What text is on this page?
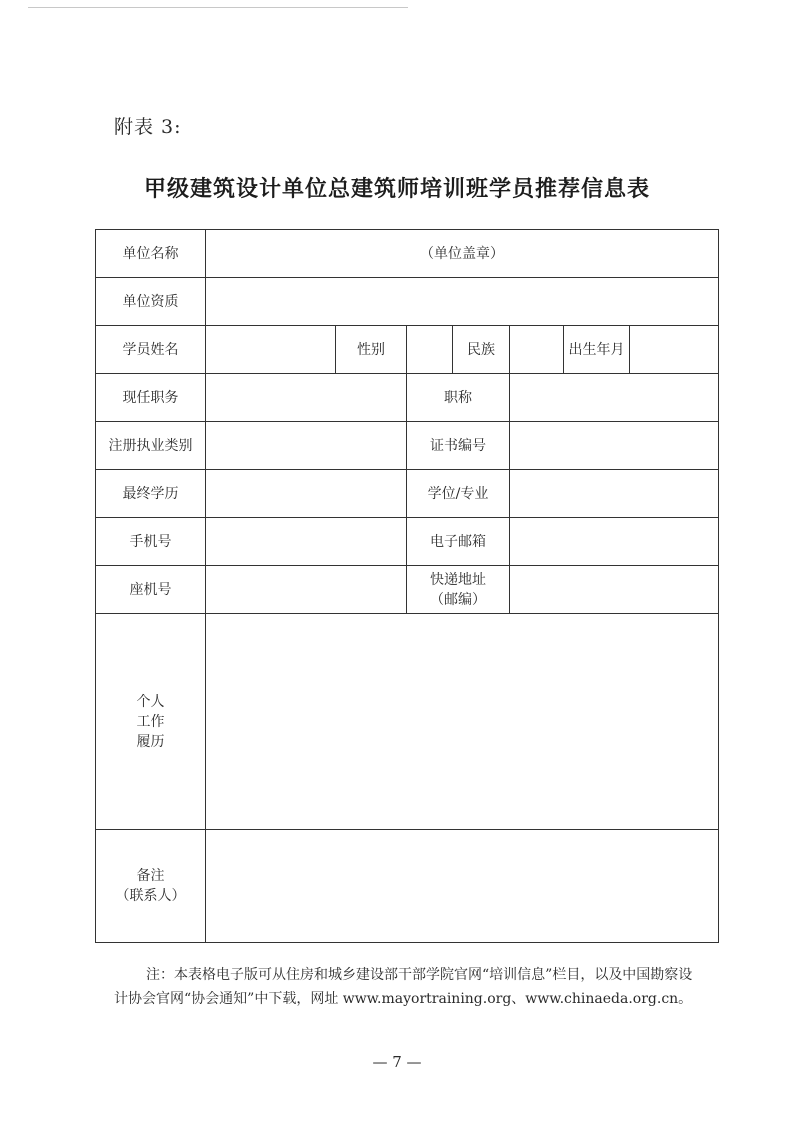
附表 3:
甲级建筑设计单位总建筑师培训班学员推荐信息表
单位名称	（单位盖章）						
单位资质							
学员姓名		性别		民族		出生年月	
现任职务			职称				
注册执业类别			证书编号				
最终学历			学位/专业				
手机号			电子邮箱				
座机号			快递地址
（邮编）				

个人
工作
履历							

备注
（联系人）							

注：本表格电子版可从住房和城乡建设部干部学院官网“培训信息”栏目，以及中国勘察设计协会官网“协会通知”中下载，网址 www.mayortraining.org、www.chinaeda.org.cn。
— 7 —
